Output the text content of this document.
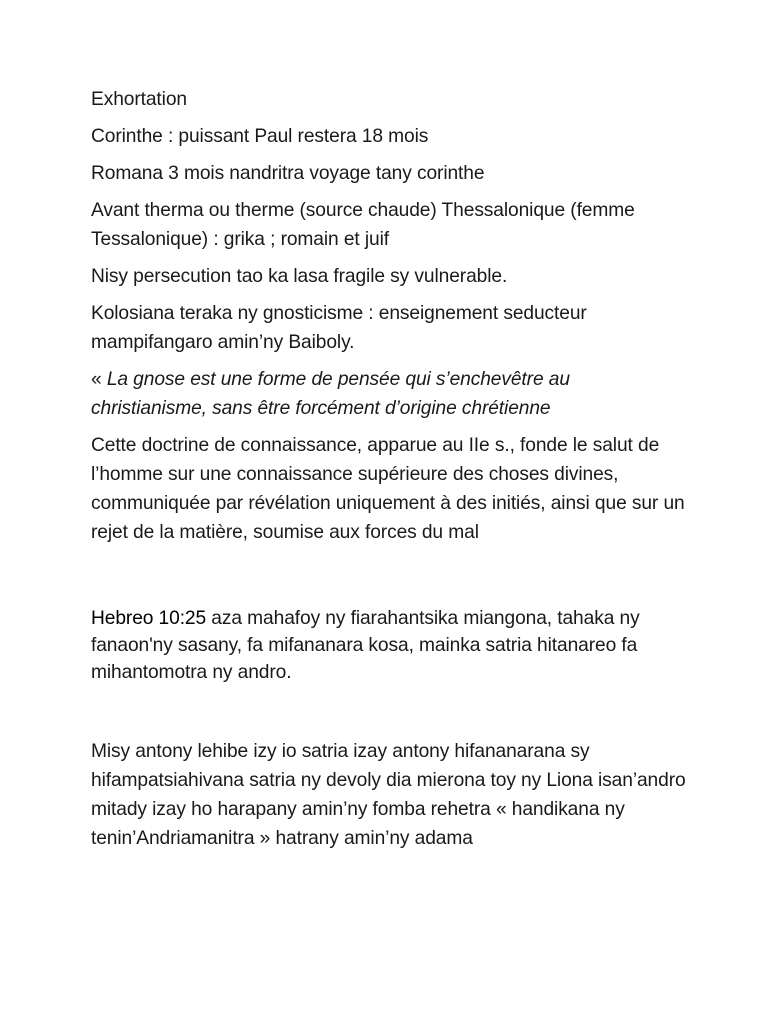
Exhortation

Corinthe : puissant Paul restera 18 mois

Romana 3 mois nandritra voyage tany corinthe

Avant therma ou therme (source chaude) Thessalonique (femme Tessalonique) : grika ; romain et juif

Nisy persecution tao ka lasa fragile sy vulnerable.

Kolosiana teraka ny gnosticisme : enseignement seducteur mampifangaro amin’ny Baiboly.

« La gnose est une forme de pensée qui s’enchevêtre au christianisme, sans être forcément d’origine chrétienne

Cette doctrine de connaissance, apparue au IIe s., fonde le salut de l’homme sur une connaissance supérieure des choses divines, communiquée par révélation uniquement à des initiés, ainsi que sur un rejet de la matière, soumise aux forces du mal

Hebreo 10:25 aza mahafoy ny fiarahantsika miangona, tahaka ny fanaon'ny sasany, fa mifananara kosa, mainka satria hitanareo fa mihantomotra ny andro.

Misy antony lehibe izy io satria izay antony hifananarana sy hifampatsiahivana satria ny devoly dia mierona toy ny Liona isan’andro mitady izay ho harapany amin’ny fomba rehetra « handikana ny tenin’Andriamanitra » hatrany amin’ny adama
